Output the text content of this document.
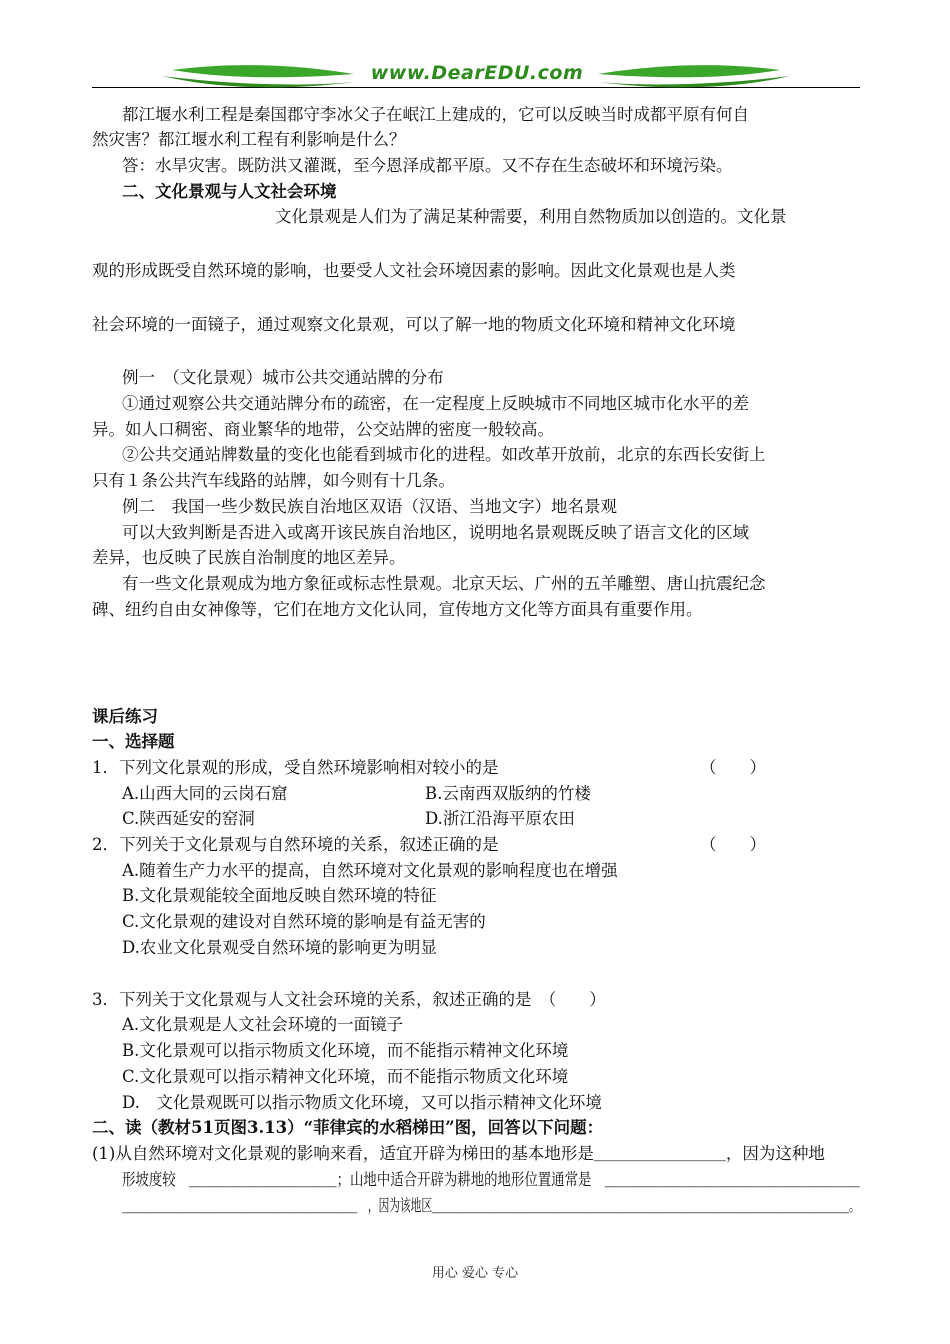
www.DearEDU.com
都江堰水利工程是秦国郡守李冰父子在岷江上建成的，它可以反映当时成都平原有何自
然灾害？都江堰水利工程有利影响是什么？
答：水旱灾害。既防洪又灌溉，至今恩泽成都平原。又不存在生态破坏和环境污染。
二、文化景观与人文社会环境
文化景观是人们为了满足某种需要，利用自然物质加以创造的。文化景
观的形成既受自然环境的影响，也要受人文社会环境因素的影响。因此文化景观也是人类
社会环境的一面镜子，通过观察文化景观，可以了解一地的物质文化环境和精神文化环境
例一　（文化景观）城市公共交通站牌的分布
①通过观察公共交通站牌分布的疏密，在一定程度上反映城市不同地区城市化水平的差
异。如人口稠密、商业繁华的地带，公交站牌的密度一般较高。
②公共交通站牌数量的变化也能看到城市化的进程。如改革开放前，北京的东西长安街上
只有１条公共汽车线路的站牌，如今则有十几条。
例二　我国一些少数民族自治地区双语（汉语、当地文字）地名景观
可以大致判断是否进入或离开该民族自治地区，说明地名景观既反映了语言文化的区域
差异，也反映了民族自治制度的地区差异。
有一些文化景观成为地方象征或标志性景观。北京天坛、广州的五羊雕塑、唐山抗震纪念
碑、纽约自由女神像等，它们在地方文化认同，宣传地方文化等方面具有重要作用。
课后练习
一、选择题
1．下列文化景观的形成，受自然环境影响相对较小的是	（　　）
A.山西大同的云岗石窟	B.云南西双版纳的竹楼
C.陕西延安的窑洞	D.浙江沿海平原农田
2．下列关于文化景观与自然环境的关系，叙述正确的是	（　　）
A.随着生产力水平的提高，自然环境对文化景观的影响程度也在增强
B.文化景观能较全面地反映自然环境的特征
C.文化景观的建设对自然环境的影响是有益无害的
D.农业文化景观受自然环境的影响更为明显
3．下列关于文化景观与人文社会环境的关系，叙述正确的是　（　　）
A.文化景观是人文社会环境的一面镜子
B.文化景观可以指示物质文化环境，而不能指示精神文化环境
C.文化景观可以指示精神文化环境，而不能指示物质文化环境
D.　文化景观既可以指示物质文化环境，又可以指示精神文化环境
二、读（教材51页图3.13）“菲律宾的水稻梯田”图，回答以下问题：
(1)从自然环境对文化景观的影响来看，适宜开辟为梯田的基本地形是＿＿＿＿＿＿＿＿，因为这种地
形坡度较　＿＿＿＿＿＿＿＿＿＿＿；山地中适合开辟为耕地的地形位置通常是　＿＿＿＿＿＿＿＿＿＿＿＿＿＿＿＿＿＿＿
＿＿＿＿＿＿＿＿＿＿＿＿＿＿＿＿＿＿＿＿＿＿　，因为该地区＿＿＿＿＿＿＿＿＿＿＿＿＿＿＿＿＿＿＿＿＿＿＿＿＿＿＿＿＿＿＿＿＿＿＿＿＿＿＿。
用心 爱心 专心
